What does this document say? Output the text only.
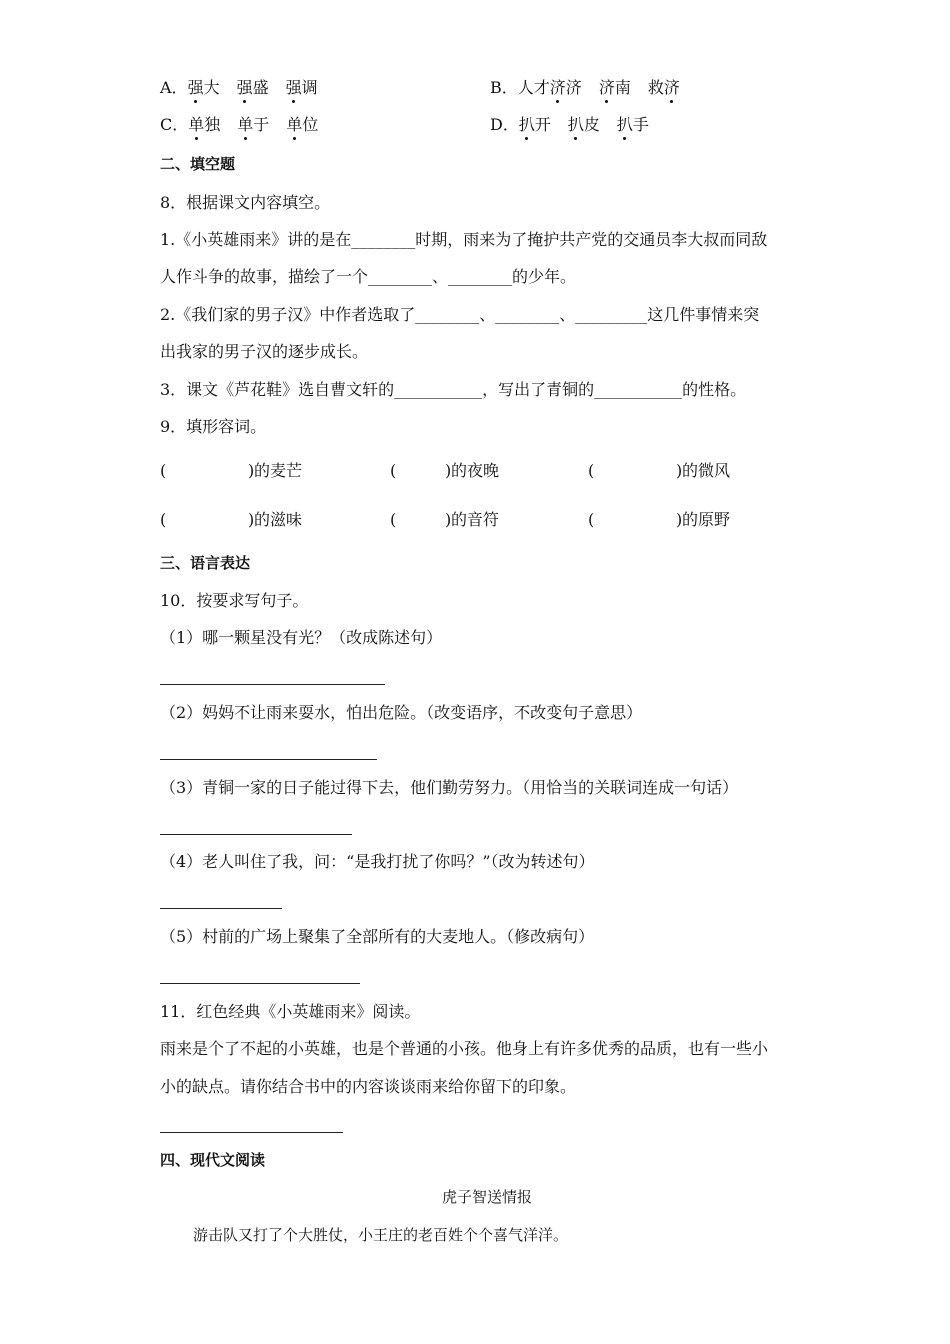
A．强大 强盛 强调	B．人才济济 济南 救济
C．单独 单于 单位	D．扒开 扒皮 扒手
二、填空题
8．根据课文内容填空。
1.《小英雄雨来》讲的是在________时期，雨来为了掩护共产党的交通员李大叔而同敌
人作斗争的故事，描绘了一个________、________的少年。
2.《我们家的男子汉》中作者选取了________、________、_________这几件事情来突
出我家的男子汉的逐步成长。
3．课文《芦花鞋》选自曹文轩的___________，写出了青铜的___________的性格。
9．填形容词。
(	) 的麦芒	(	) 的夜晚	(	) 的微风
(	) 的滋味	(	) 的音符	(	) 的原野
三、语言表达
10．按要求写句子。
（1）哪一颗星没有光？（改成陈述句）
（2）妈妈不让雨来耍水，怕出危险。（改变语序，不改变句子意思）
（3）青铜一家的日子能过得下去，他们勤劳努力。（用恰当的关联词连成一句话）
（4）老人叫住了我，问：“是我打扰了你吗？”（改为转述句）
（5）村前的广场上聚集了全部所有的大麦地人。（修改病句）
11．红色经典《小英雄雨来》阅读。
雨来是个了不起的小英雄，也是个普通的小孩。他身上有许多优秀的品质，也有一些小
小的缺点。请你结合书中的内容谈谈雨来给你留下的印象。
四、现代文阅读
虎子智送情报
游击队又打了个大胜仗，小王庄的老百姓个个喜气洋洋。
